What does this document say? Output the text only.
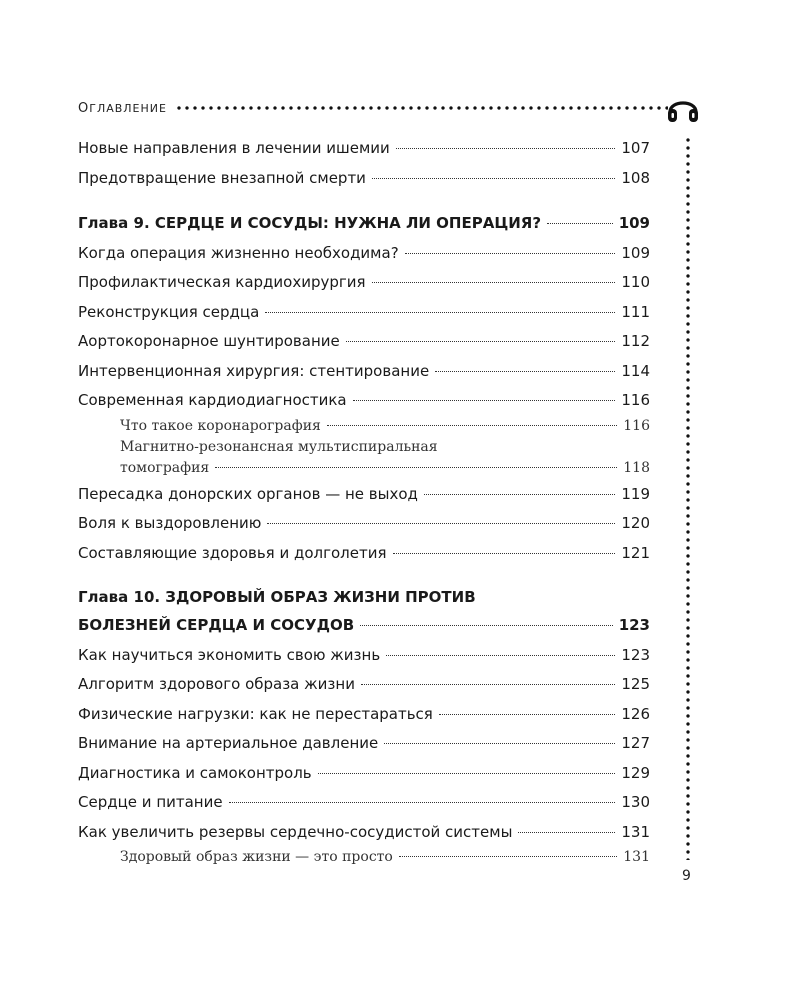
ОГЛАВЛЕНИЕ
Новые направления в лечении ишемии	107
Предотвращение внезапной смерти	108
Глава 9. СЕРДЦЕ И СОСУДЫ: НУЖНА ЛИ ОПЕРАЦИЯ?	109
Когда операция жизненно необходима?	109
Профилактическая кардиохирургия	110
Реконструкция сердца	111
Аортокоронарное шунтирование	112
Интервенционная хирургия: стентирование	114
Современная кардиодиагностика	116
Что такое коронарография	116
Магнитно-резонансная мультиспиральная
томография	118
Пересадка донорских органов — не выход	119
Воля к выздоровлению	120
Составляющие здоровья и долголетия	121
Глава 10. ЗДОРОВЫЙ ОБРАЗ ЖИЗНИ ПРОТИВ
БОЛЕЗНЕЙ СЕРДЦА И СОСУДОВ	123
Как научиться экономить свою жизнь	123
Алгоритм здорового образа жизни	125
Физические нагрузки: как не перестараться	126
Внимание на артериальное давление	127
Диагностика и самоконтроль	129
Сердце и питание	130
Как увеличить резервы сердечно-сосудистой системы	131
Здоровый образ жизни — это просто	131
9
